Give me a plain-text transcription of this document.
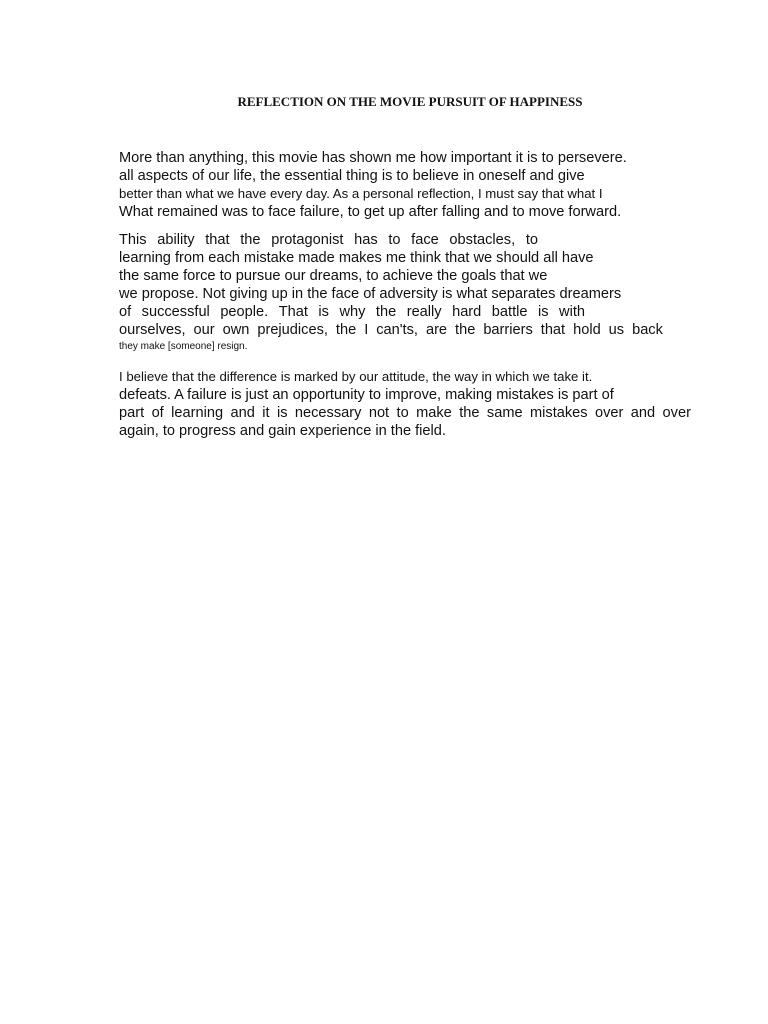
REFLECTION ON THE MOVIE PURSUIT OF HAPPINESS
More than anything, this movie has shown me how important it is to persevere.
all aspects of our life, the essential thing is to believe in oneself and give
better than what we have every day. As a personal reflection, I must say that what I
What remained was to face failure, to get up after falling and to move forward.
This ability that the protagonist has to face obstacles, to
learning from each mistake made makes me think that we should all have
the same force to pursue our dreams, to achieve the goals that we
we propose. Not giving up in the face of adversity is what separates dreamers
of successful people. That is why the really hard battle is with
ourselves, our own prejudices, the I can'ts, are the barriers that hold us back
they make [someone] resign.
I believe that the difference is marked by our attitude, the way in which we take it.
defeats. A failure is just an opportunity to improve, making mistakes is part of
part of learning and it is necessary not to make the same mistakes over and over
again, to progress and gain experience in the field.
